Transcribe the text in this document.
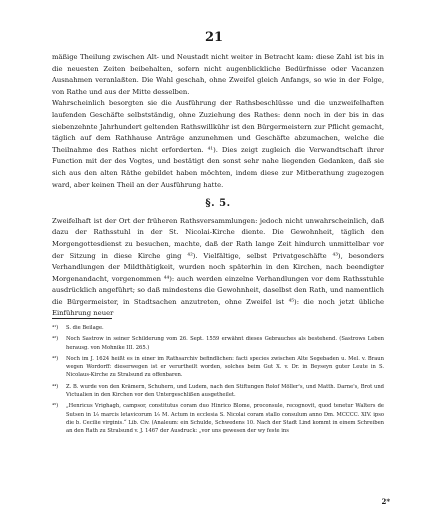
21

mäßige Theilung zwischen Alt- und Neustadt nicht weiter in Betracht kam: diese Zahl ist bis in die neuesten Zeiten beibehalten, sofern nicht augenblickliche Bedürfnisse oder Vacanzen Ausnahmen veranlaßten. Die Wahl geschah, ohne Zweifel gleich Anfangs, so wie in der Folge, von Rathe und aus der Mitte desselben.

Wahrscheinlich besorgten sie die Ausführung der Rathsbeschlüsse und die unzweifelhaften laufenden Geschäfte selbstständig, ohne Zuziehung des Rathes: denn noch in der bis in das siebenzehnte Jahrhundert geltenden Rathswillkühr ist den Bürgermeistern zur Pflicht gemacht, täglich auf dem Rathhause Anträge anzunehmen und Geschäfte abzumachen, welche die Theilnahme des Rathes nicht erforderten. ⁴¹). Dies zeigt zugleich die Verwandtschaft ihrer Function mit der des Vogtes, und bestätigt den sonst sehr nahe liegenden Gedanken, daß sie sich aus den alten Räthe gebildet haben möchten, indem diese zur Mitberathung zugezogen ward, aber keinen Theil an der Ausführung hatte.

§. 5.

Zweifelhaft ist der Ort der früheren Rathsversammlungen: jedoch nicht unwahrscheinlich, daß dazu der Rathsstuhl in der St. Nicolai-Kirche diente. Die Gewohnheit, täglich den Morgengottesdienst zu besuchen, machte, daß der Rath lange Zeit hindurch unmittelbar vor der Sitzung in diese Kirche ging ⁴²). Vielfältige, selbst Privatgeschäfte ⁴³), besonders Verhandlungen der Mildthätigkeit, wurden noch späterhin in den Kirchen, nach beendigter Morgenandacht, vorgenommen ⁴⁴): auch werden einzelne Verhandlungen vor dem Rathsstuhle ausdrücklich angeführt; so daß mindestens die Gewohnheit, daselbst den Rath, und namentlich die Bürgermeister, in Stadtsachen anzutreten, ohne Zweifel ist ⁴⁵): die noch jetzt übliche Einführung neuer

⁴¹)	S. die Beilage.
⁴²)	Noch Sastrow in seiner Schilderung vom 26. Sept. 1559 erwähnt dieses Gebrauches als bestehend. (Sastrows Leben herausg. von Mohnike III. 265.)
⁴³)	Noch im J. 1624 heißt es in einer im Rathsarchiv befindlichen: facti species zwischen Alte Segebaden u. Mel. v. Braun wegen Wordorff: dieserwegen ist er verurtheilt worden, solches beim Gut X. v. Dr. in Beyseyn guter Leute in S. Nicolaus-Kirche zu Stralsund zu offenbaren.
⁴⁴)	Z. B. wurde von den Krämern, Schuhern, und Ludem, nach den Stiftungen Rolof Möller's, und Matth. Darne's, Brot und Victualien in den Kirchen vor den Untergeschlißen ausgetheilet.
⁴⁵)	„Henricus Vrighagh, campsor, constitutus coram duo Hinrico Blome, proconsule, recognovit, quod tenetur Walters de Sutsen in 1⁄₂ marcis letavicorum 1⁄₂ M. Actum in ecclesia S. Nicolai coram stallo consulum anno Dm. MCCCC. XIV. ipso die b. Cecilie virginis.“ Lib. Civ. (Analeum: ein Schulde, Schwedens 10. Nach der Stadt Lind kommt in einem Schreiben an den Rath zu Stralsund v. J. 1467 der Ausdruck: „vor uns gewesen der wy feste ins
2*
